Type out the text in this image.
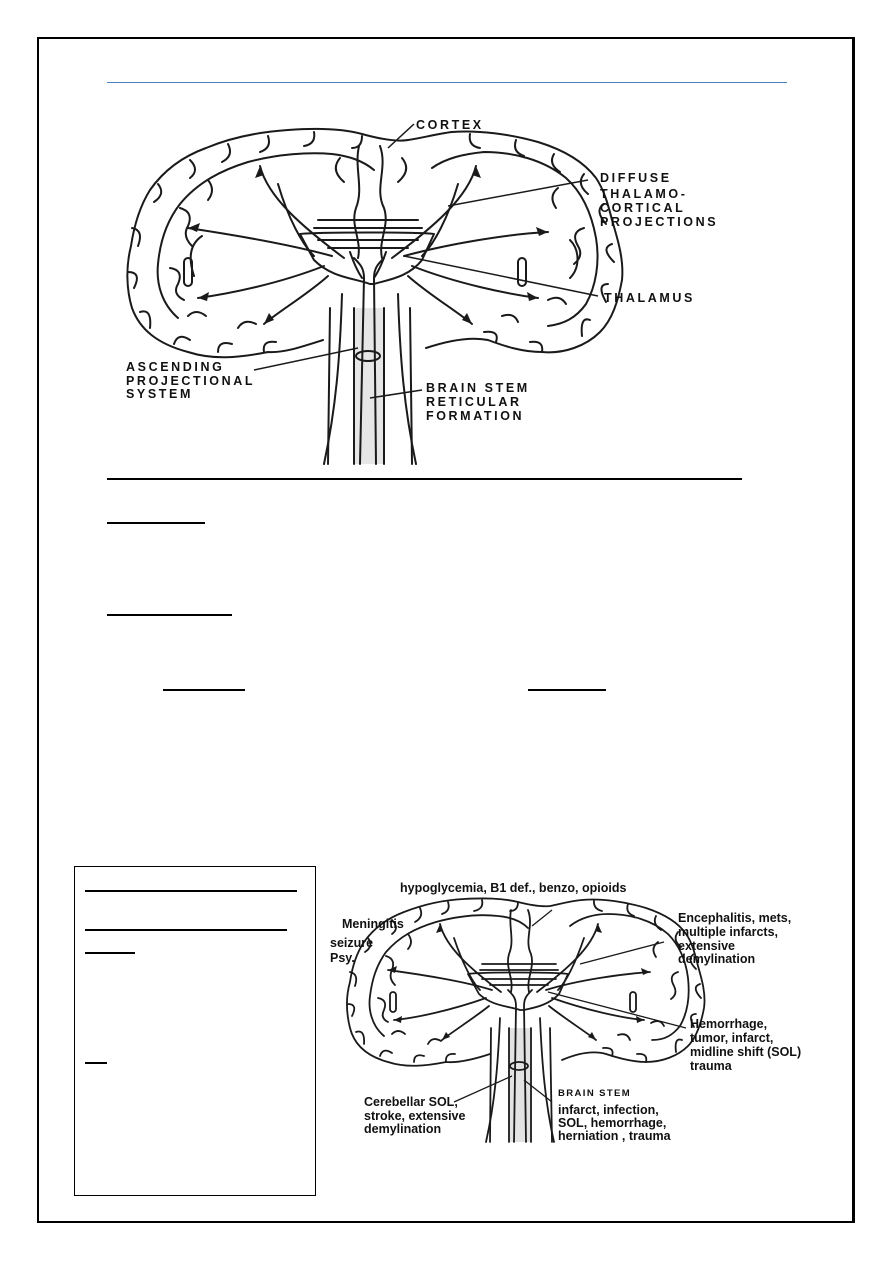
CORTEX
DIFFUSE
THALAMO-
CORTICAL
PROJECTIONS
THALAMUS
ASCENDING
PROJECTIONAL
SYSTEM	BRAIN STEM
RETICULAR
FORMATION
hypoglycemia, B1 def., benzo, opioids
Meningitis
seizure
Psy.
Encephalitis, mets,
multiple infarcts,
extensive
demylination
Hemorrhage,
tumor, infarct,
midline shift (SOL)
trauma
Cerebellar SOL,
stroke, extensive
demylination
BRAIN STEM
infarct, infection,
SOL, hemorrhage,
herniation , trauma
